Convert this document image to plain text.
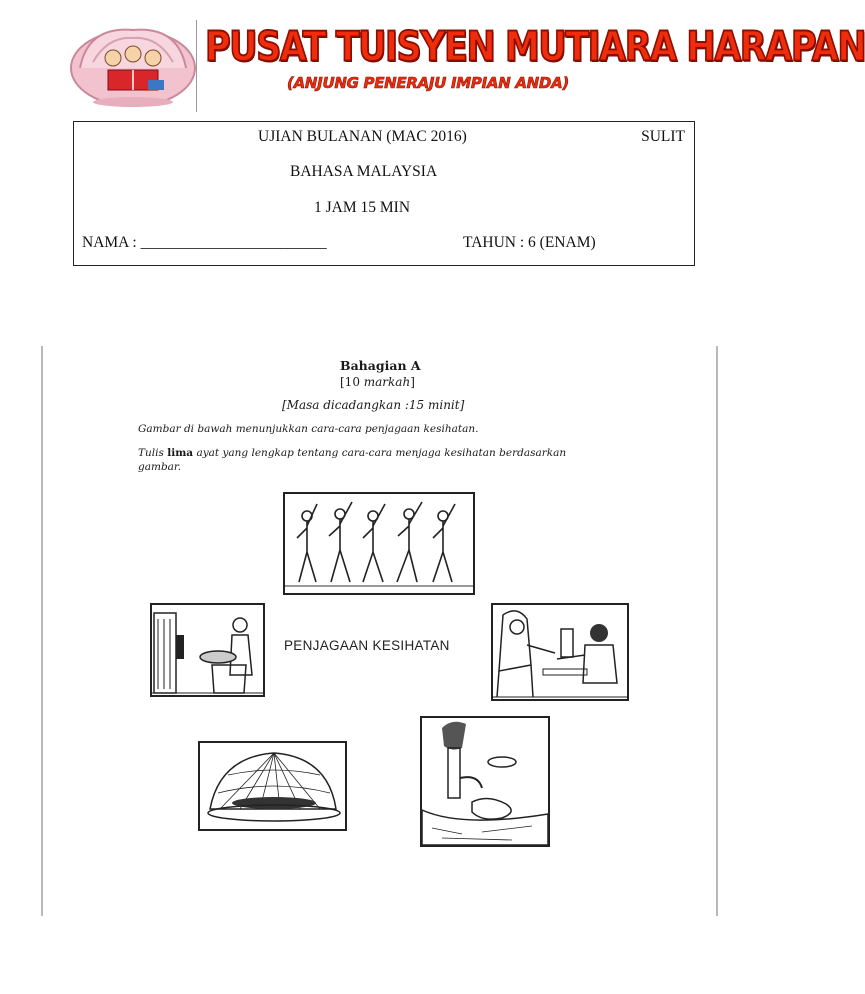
PUSAT TUISYEN MUTIARA HARAPAN
(ANJUNG PENERAJU IMPIAN ANDA)
UJIAN BULANAN (MAC 2016)	SULIT
BAHASA MALAYSIA
1 JAM 15 MIN
NAMA : ________________________	TAHUN : 6 (ENAM)
Bahagian A
[10 markah]
[Masa dicadangkan :15 minit]
Gambar di bawah menunjukkan cara-cara penjagaan kesihatan.
Tulis lima ayat yang lengkap tentang cara-cara menjaga kesihatan berdasarkan gambar.
PENJAGAAN KESIHATAN
